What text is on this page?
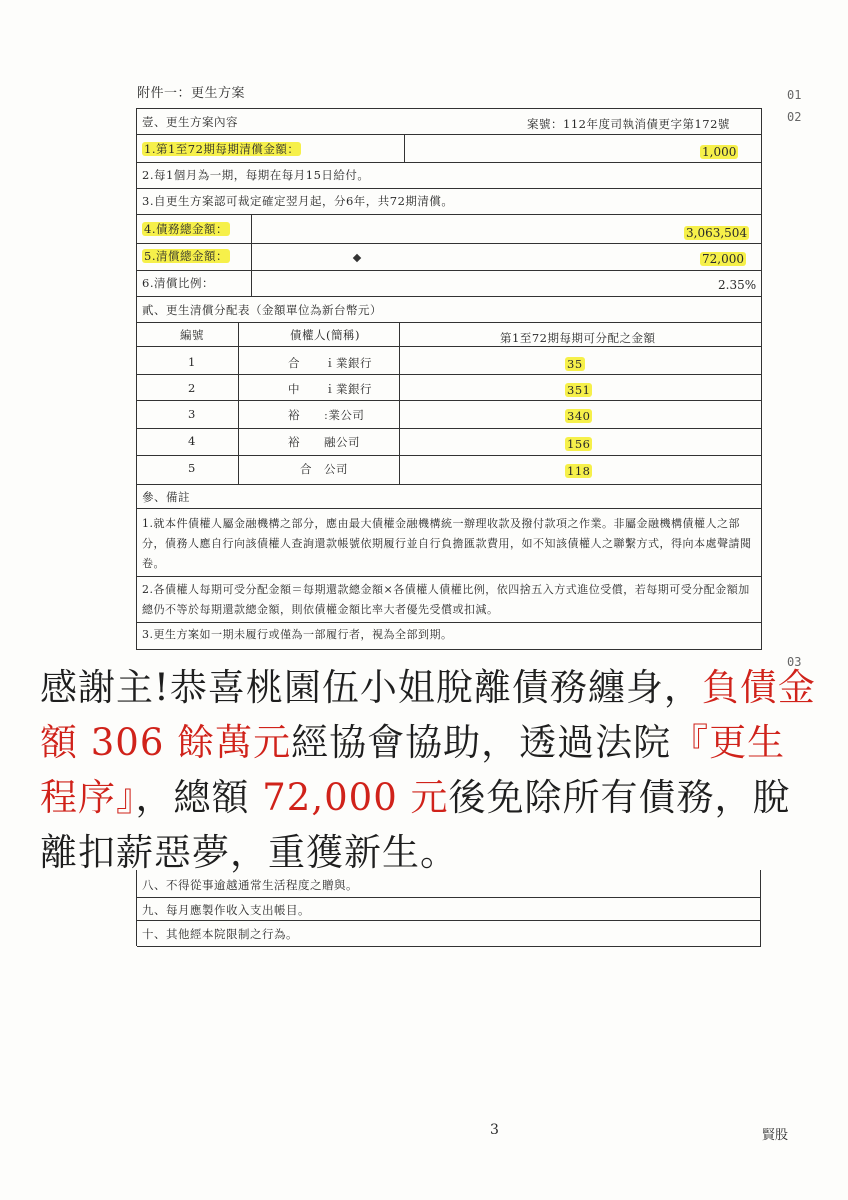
附件一：更生方案	01
02
03
壹、更生方案內容	案號：112年度司執消債更字第172號
1.第1至72期每期清償金額：	1,000
2.每1個月為一期，每期在每月15日給付。
3.自更生方案認可裁定確定翌月起，分6年，共72期清償。
4.債務總金額：	3,063,504
5.清償總金額：	72,000
6.清償比例：	2.35%
貳、更生清償分配表（金額單位為新台幣元）
編號	債權人(簡稱)	第1至72期每期可分配之金額
1	合　　ｉ業銀行	35
2	中　　ｉ業銀行	351
3	裕　　ː業公司	340
4	裕　　融公司	156
5	合　公司	118
參、備註
1.就本件債權人屬金融機構之部分，應由最大債權金融機構統一辦理收款及撥付款項之作業。非屬金融機構債權人之部分，債務人應自行向該債權人查詢還款帳號依期履行並自行負擔匯款費用，如不知該債權人之聯繫方式，得向本處聲請閱卷。
2.各債權人每期可受分配金額＝每期還款總金額×各債權人債權比例，依四捨五入方式進位受償，若每期可受分配金額加總仍不等於每期還款總金額，則依債權金額比率大者優先受償或扣減。
3.更生方案如一期未履行或僅為一部履行者，視為全部到期。
感謝主!恭喜桃園伍小姐脫離債務纏身，負債金額 306 餘萬元經協會協助，透過法院『更生程序』，總額 72,000 元後免除所有債務，脫離扣薪惡夢，重獲新生。
八、不得從事逾越通常生活程度之贈與。
九、每月應製作收入支出帳目。
十、其他經本院限制之行為。
3	賢股
